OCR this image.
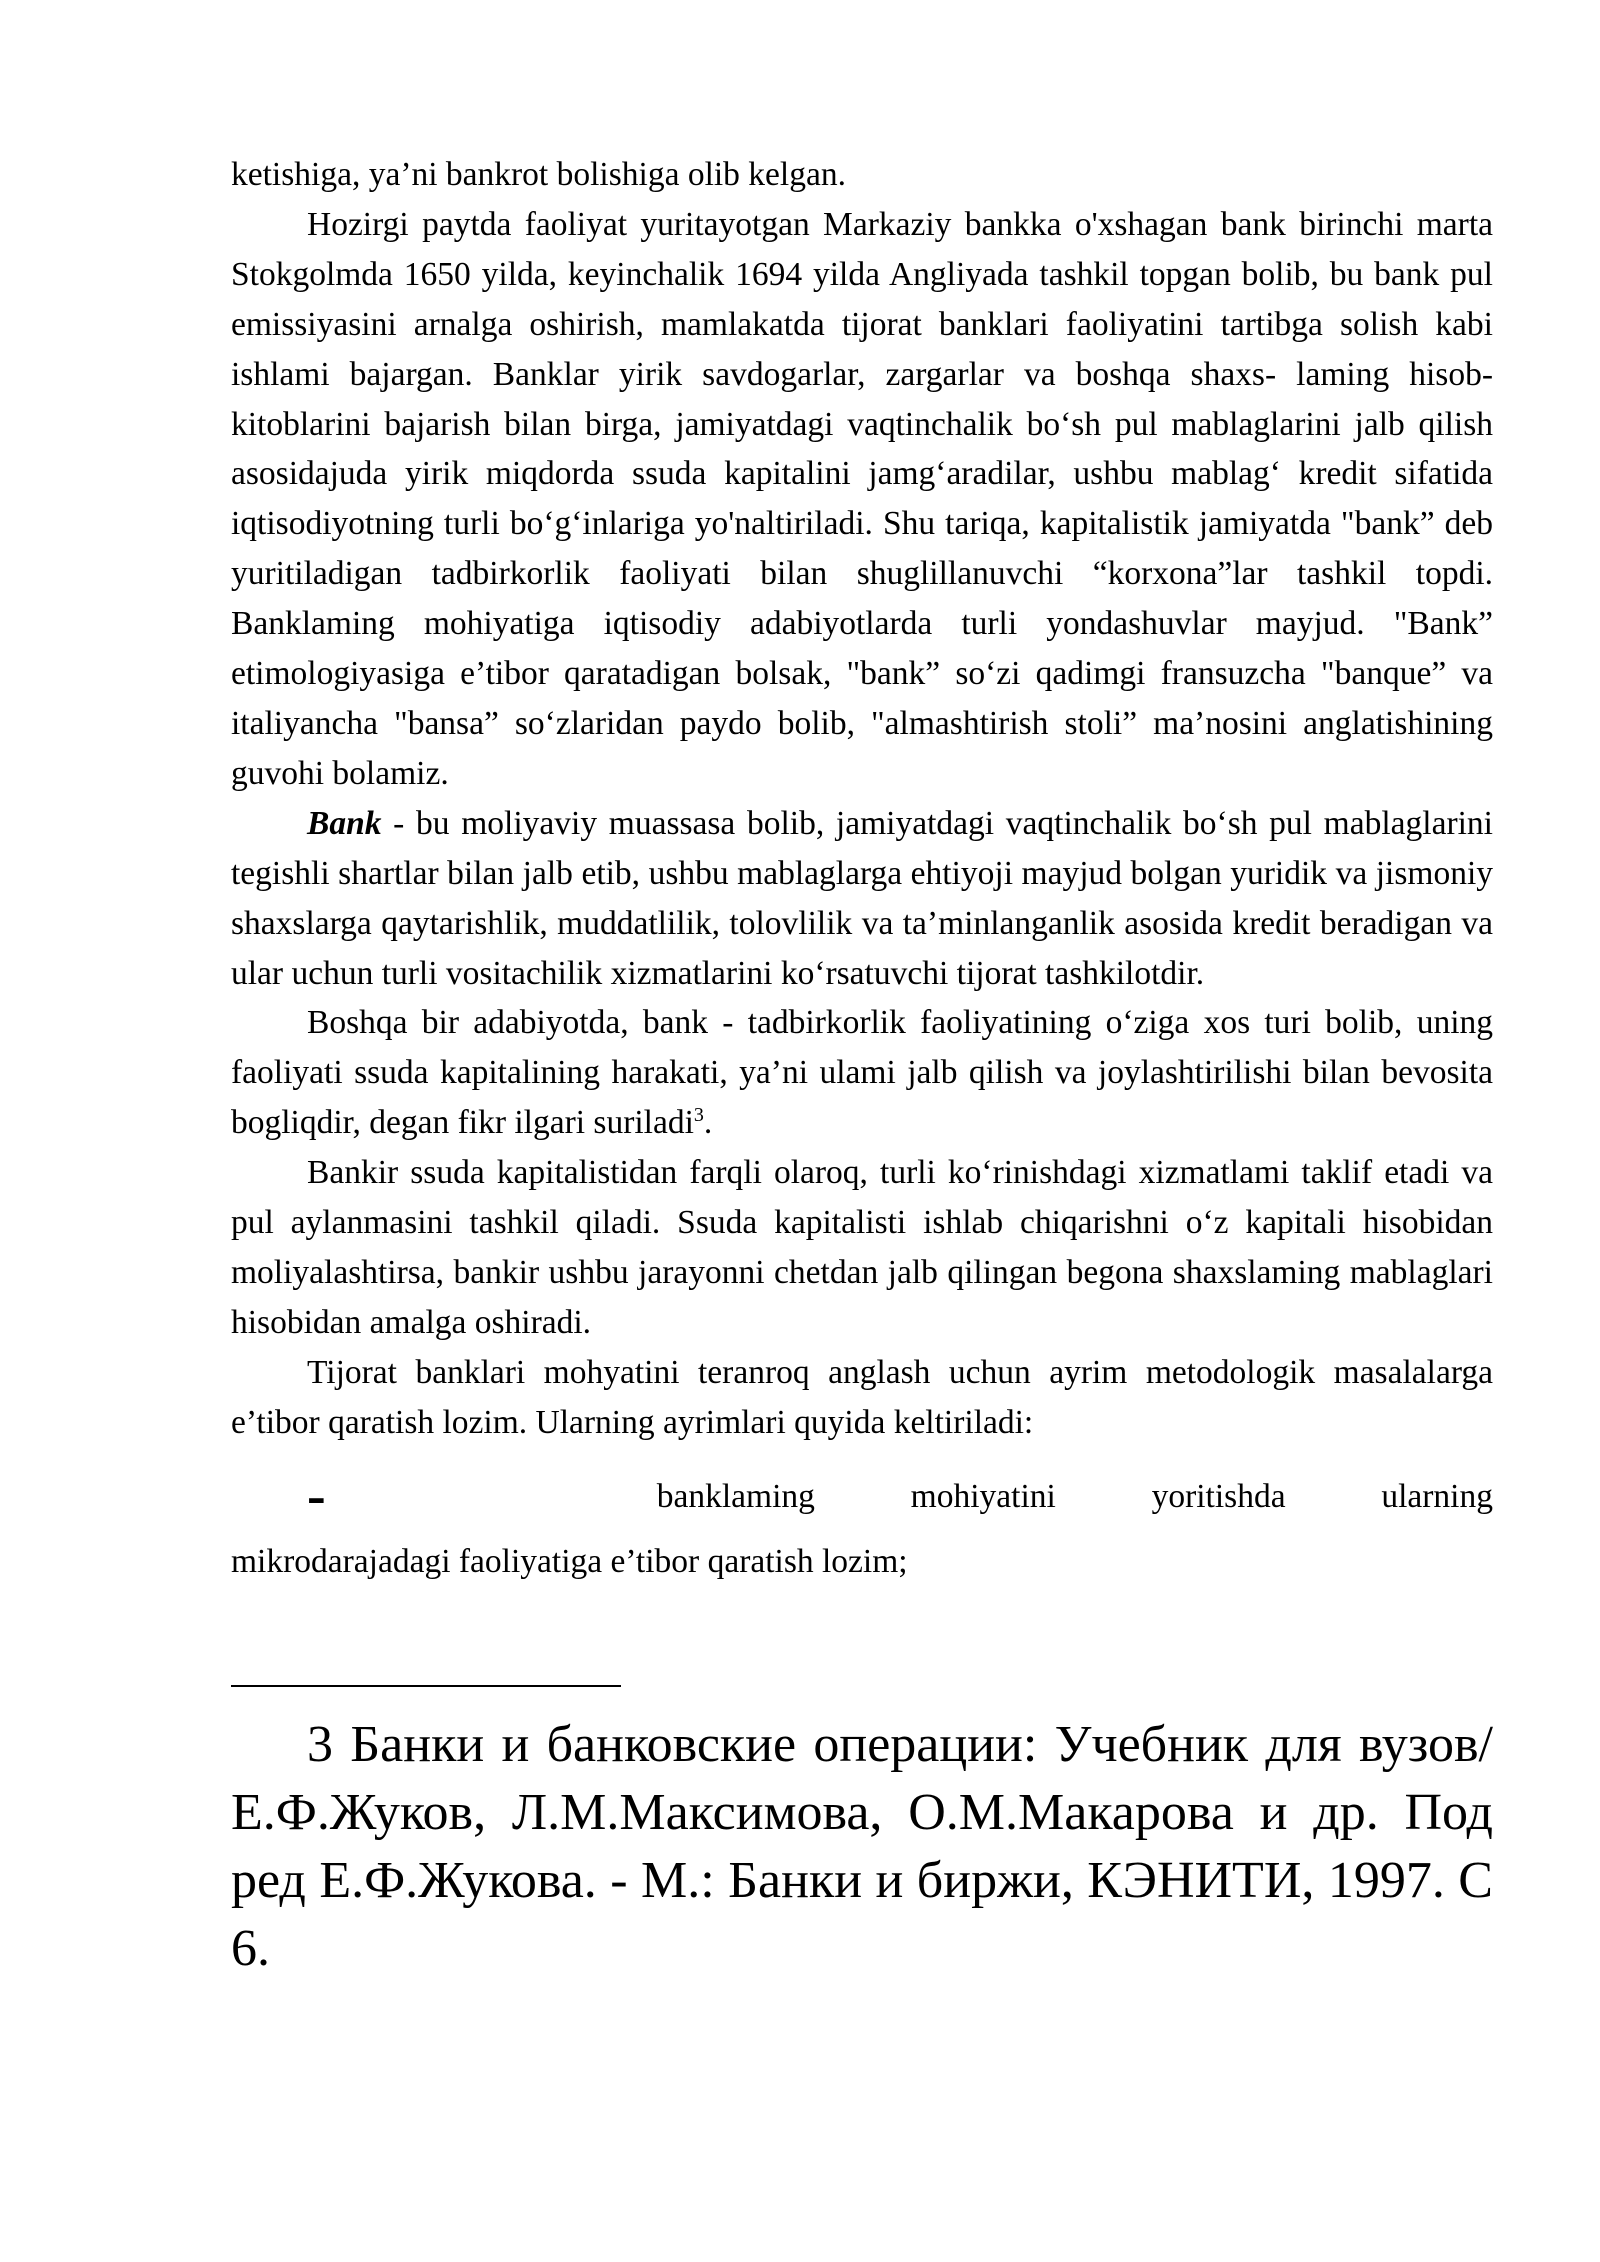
ketishiga, ya’ni bankrot bolishiga olib kelgan.

Hozirgi paytda faoliyat yuritayotgan Markaziy bankka o'xshagan bank birinchi marta Stokgolmda 1650 yilda, keyinchalik 1694 yilda Angliyada tashkil topgan bolib, bu bank pul emissiyasini arnalga oshirish, mamlakatda tijorat banklari faoliyatini tartibga solish kabi ishlami bajargan. Banklar yirik savdogarlar, zargarlar va boshqa shaxs- laming hisob-kitoblarini bajarish bilan birga, jamiyatdagi vaqtinchalik bo‘sh pul mablaglarini jalb qilish asosidajuda yirik miqdorda ssuda kapitalini jamg‘aradilar, ushbu mablag‘ kredit sifatida iqtisodiyotning turli bo‘g‘inlariga yo'naltiriladi. Shu tariqa, kapitalistik jamiyatda "bank” deb yuritiladigan tadbirkorlik faoliyati bilan shuglillanuvchi “korxona”lar tashkil topdi. Banklaming mohiyatiga iqtisodiy adabiyotlarda turli yondashuvlar mayjud. "Bank” etimologiyasiga e’tibor qaratadigan bolsak, "bank” so‘zi qadimgi fransuzcha "banque” va italiyancha "bansa” so‘zlaridan paydo bolib, "almashtirish stoli” ma’nosini anglatishining guvohi bolamiz.

Bank - bu moliyaviy muassasa bolib, jamiyatdagi vaqtinchalik bo‘sh pul mablaglarini tegishli shartlar bilan jalb etib, ushbu mablaglarga ehtiyoji mayjud bolgan yuridik va jismoniy shaxslarga qaytarishlik, muddatlilik, tolovlilik va ta’minlanganlik asosida kredit beradigan va ular uchun turli vositachilik xizmatlarini ko‘rsatuvchi tijorat tashkilotdir.

Boshqa bir adabiyotda, bank - tadbirkorlik faoliyatining o‘ziga xos turi bolib, uning faoliyati ssuda kapitalining harakati, ya’ni ulami jalb qilish va joylashtirilishi bilan bevosita bogliqdir, degan fikr ilgari suriladi$^3$.

Bankir ssuda kapitalistidan farqli olaroq, turli ko‘rinishdagi xizmatlami taklif etadi va pul aylanmasini tashkil qiladi. Ssuda kapitalisti ishlab chiqarishni o‘z kapitali hisobidan moliyalashtirsa, bankir ushbu jarayonni chetdan jalb qilingan begona shaxslaming mablaglari hisobidan amalga oshiradi.

Tijorat banklari mohyatini teranroq anglash uchun ayrim metodologik masalalarga e’tibor qaratish lozim. Ularning ayrimlari quyida keltiriladi:

-	banklaming	mohiyatini	yoritishda	ularning
mikrodarajadagi faoliyatiga e’tibor qaratish lozim;

3 Банки и банковские операции: Учебник для вузов/ Е.Ф.Жуков, Л.М.Максимова, О.М.Макарова и др. Под ред Е.Ф.Жукова. - М.: Банки и биржи, КЭНИТИ, 1997. С 6.
